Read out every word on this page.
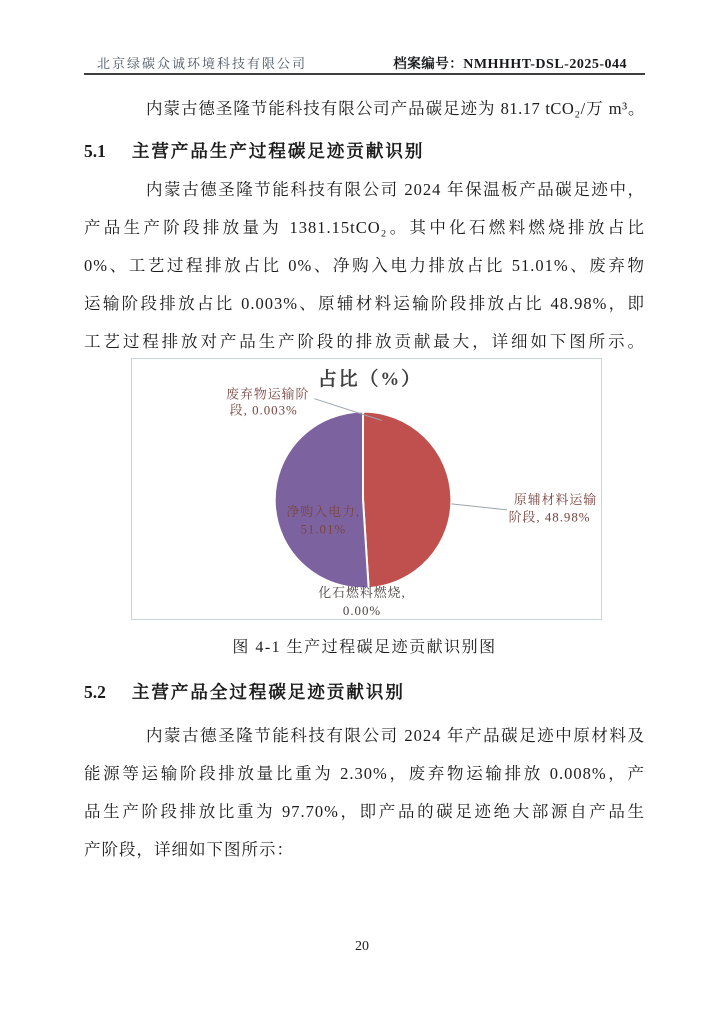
北京绿碳众诚环境科技有限公司	档案编号：NMHHHT-DSL-2025-044
内蒙古德圣隆节能科技有限公司产品碳足迹为 81.17 tCO₂/万 m³。
5.1 主营产品生产过程碳足迹贡献识别
内蒙古德圣隆节能科技有限公司 2024 年保温板产品碳足迹中，
产品生产阶段排放量为 1381.15tCO₂。其中化石燃料燃烧排放占比
0%、工艺过程排放占比 0%、净购入电力排放占比 51.01%、废弃物
运输阶段排放占比 0.003%、原辅材料运输阶段排放占比 48.98%，即
工艺过程排放对产品生产阶段的排放贡献最大，详细如下图所示。
占比（%）
废弃物运输阶
段, 0.003%
原辅材料运输
阶段, 48.98%
净购入电力,
51.01%
化石燃料燃烧,
0.00%
图 4-1 生产过程碳足迹贡献识别图
5.2 主营产品全过程碳足迹贡献识别
内蒙古德圣隆节能科技有限公司 2024 年产品碳足迹中原材料及
能源等运输阶段排放量比重为 2.30%，废弃物运输排放 0.008%，产
品生产阶段排放比重为 97.70%，即产品的碳足迹绝大部源自产品生
产阶段，详细如下图所示：
20
